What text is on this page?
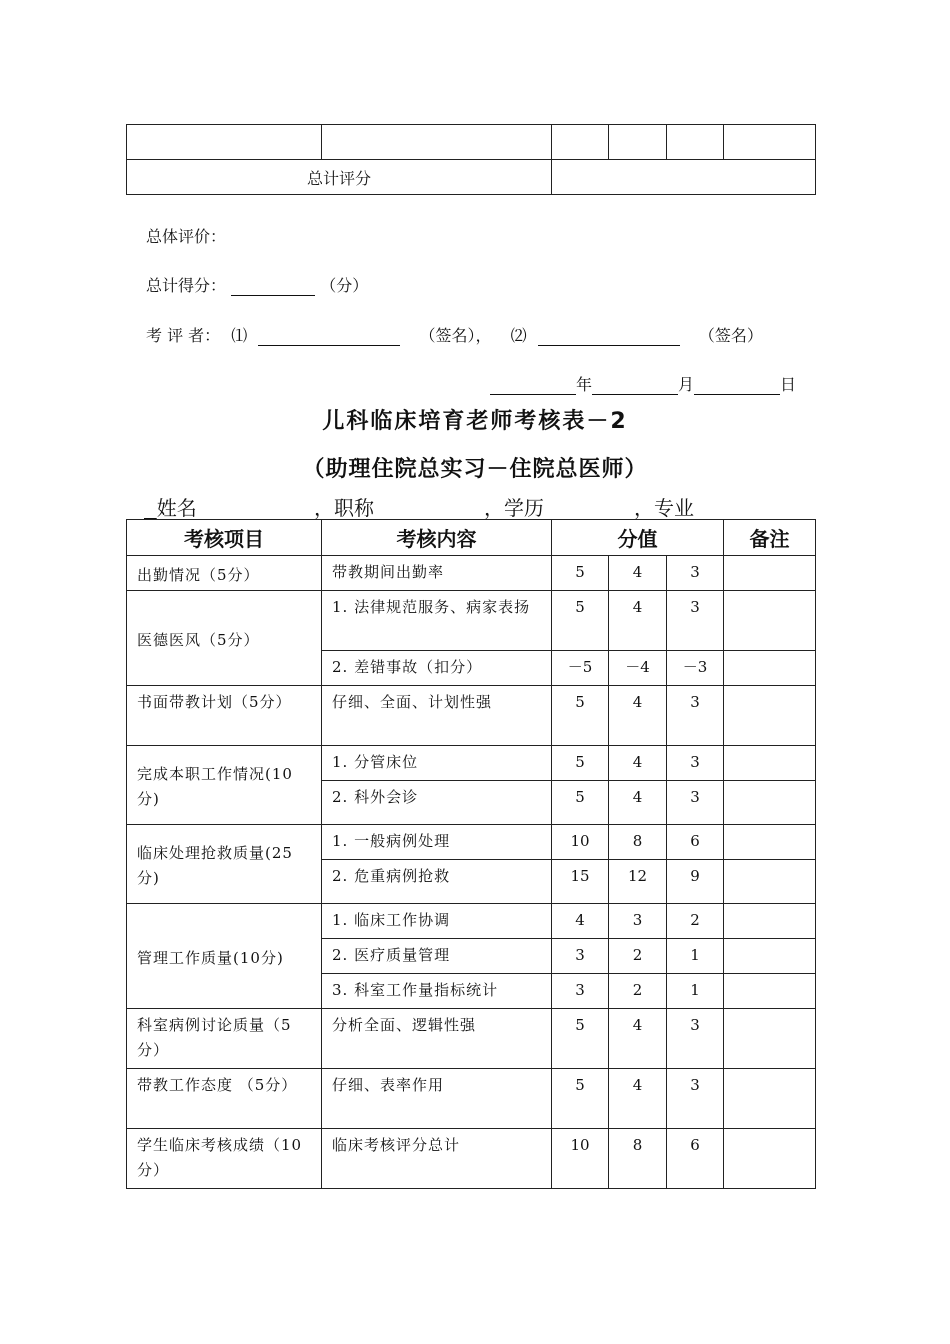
总计评分					
总体评价：
总计得分：	（分）
考 评 者： ⑴	（签名）， ⑵	（签名）
年	月	日
儿科临床培育老师考核表－2
（助理住院总实习－住院总医师）
姓名	，职称	，学历	，专业
考核项目	考核内容	分值			备注
出勤情况（5分）	带教期间出勤率	5	4	3	
医德医风（5分）	1. 法律规范服务、病家表扬	5	4	3	
	2. 差错事故（扣分）	－5	－4	－3	
书面带教计划（5分）	仔细、全面、计划性强	5	4	3	
完成本职工作情况(10分)	1. 分管床位	5	4	3	
	2. 科外会诊	5	4	3	
临床处理抢救质量(25分)	1. 一般病例处理	10	8	6	
	2. 危重病例抢救	15	12	9	
管理工作质量(10分)	1. 临床工作协调	4	3	2	
	2. 医疗质量管理	3	2	1	
	3. 科室工作量指标统计	3	2	1	
科室病例讨论质量（5分）	分析全面、逻辑性强	5	4	3	
带教工作态度 （5分）	仔细、表率作用	5	4	3	
学生临床考核成绩（10分）	临床考核评分总计	10	8	6	
